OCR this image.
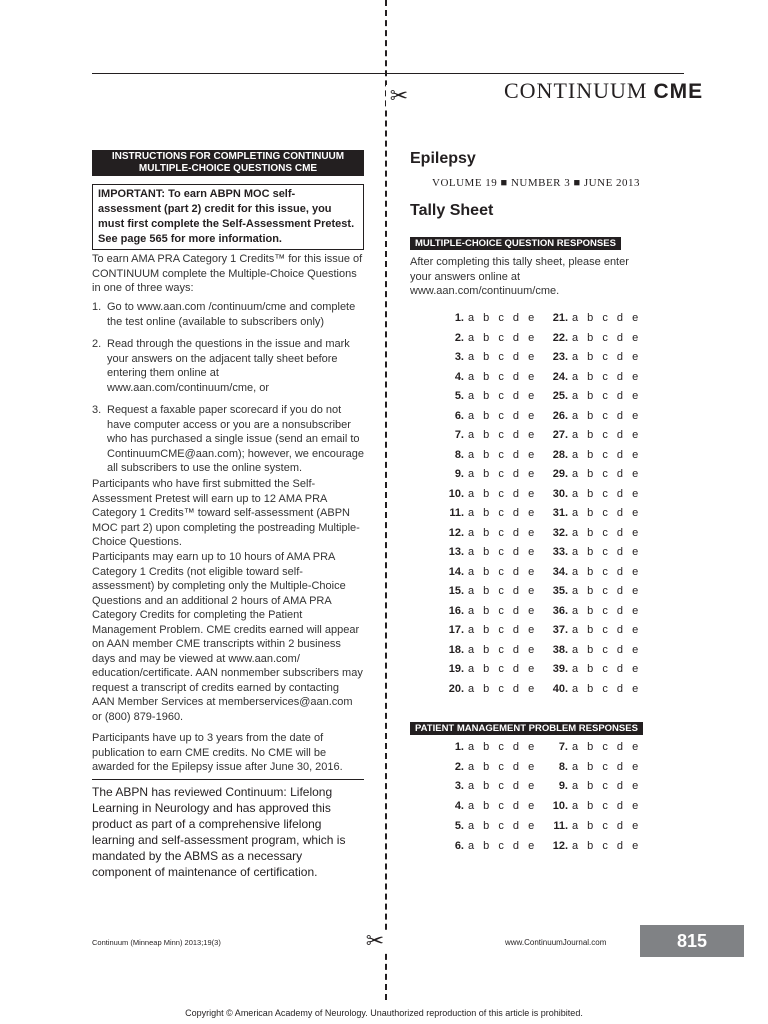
✂
✂
CONTINUUM CME
INSTRUCTIONS FOR COMPLETING CONTINUUM MULTIPLE-CHOICE QUESTIONS CME
IMPORTANT: To earn ABPN MOC self-assessment (part 2) credit for this issue, you must first complete the Self-Assessment Pretest. See page 565 for more information.
To earn AMA PRA Category 1 Credits™ for this issue of CONTINUUM complete the Multiple-Choice Questions in one of three ways:
1. Go to www.aan.com /continuum/cme and complete the test online (available to subscribers only)
2. Read through the questions in the issue and mark your answers on the adjacent tally sheet before entering them online at www.aan.com/continuum/cme, or
3. Request a faxable paper scorecard if you do not have computer access or you are a nonsubscriber who has purchased a single issue (send an email to ContinuumCME@aan.com); however, we encourage all subscribers to use the online system.
Participants who have first submitted the Self-Assessment Pretest will earn up to 12 AMA PRA Category 1 Credits™ toward self-assessment (ABPN MOC part 2) upon completing the postreading Multiple-Choice Questions.
Participants may earn up to 10 hours of AMA PRA Category 1 Credits (not eligible toward self-assessment) by completing only the Multiple-Choice Questions and an additional 2 hours of AMA PRA Category Credits for completing the Patient Management Problem. CME credits earned will appear on AAN member CME transcripts within 2 business days and may be viewed at www.aan.com/ education/certificate. AAN nonmember subscribers may request a transcript of credits earned by contacting AAN Member Services at memberservices@aan.com or (800) 879-1960.
Participants have up to 3 years from the date of publication to earn CME credits. No CME will be awarded for the Epilepsy issue after June 30, 2016.
The ABPN has reviewed Continuum: Lifelong Learning in Neurology and has approved this product as part of a comprehensive lifelong learning and self-assessment program, which is mandated by the ABMS as a necessary component of maintenance of certification.
Epilepsy
VOLUME 19 ■ NUMBER 3 ■ JUNE 2013
Tally Sheet
MULTIPLE-CHOICE QUESTION RESPONSES
After completing this tally sheet, please enter your answers online at www.aan.com/continuum/cme.
1. a b c d e
2. a b c d e
3. a b c d e
4. a b c d e
5. a b c d e
6. a b c d e
7. a b c d e
8. a b c d e
9. a b c d e
10. a b c d e
11. a b c d e
12. a b c d e
13. a b c d e
14. a b c d e
15. a b c d e
16. a b c d e
17. a b c d e
18. a b c d e
19. a b c d e
20. a b c d e
21. a b c d e
22. a b c d e
23. a b c d e
24. a b c d e
25. a b c d e
26. a b c d e
27. a b c d e
28. a b c d e
29. a b c d e
30. a b c d e
31. a b c d e
32. a b c d e
33. a b c d e
34. a b c d e
35. a b c d e
36. a b c d e
37. a b c d e
38. a b c d e
39. a b c d e
40. a b c d e
PATIENT MANAGEMENT PROBLEM RESPONSES
1. a b c d e
2. a b c d e
3. a b c d e
4. a b c d e
5. a b c d e
6. a b c d e
7. a b c d e
8. a b c d e
9. a b c d e
10. a b c d e
11. a b c d e
12. a b c d e
Continuum (Minneap Minn) 2013;19(3)	www.ContinuumJournal.com	815
Copyright © American Academy of Neurology. Unauthorized reproduction of this article is prohibited.
